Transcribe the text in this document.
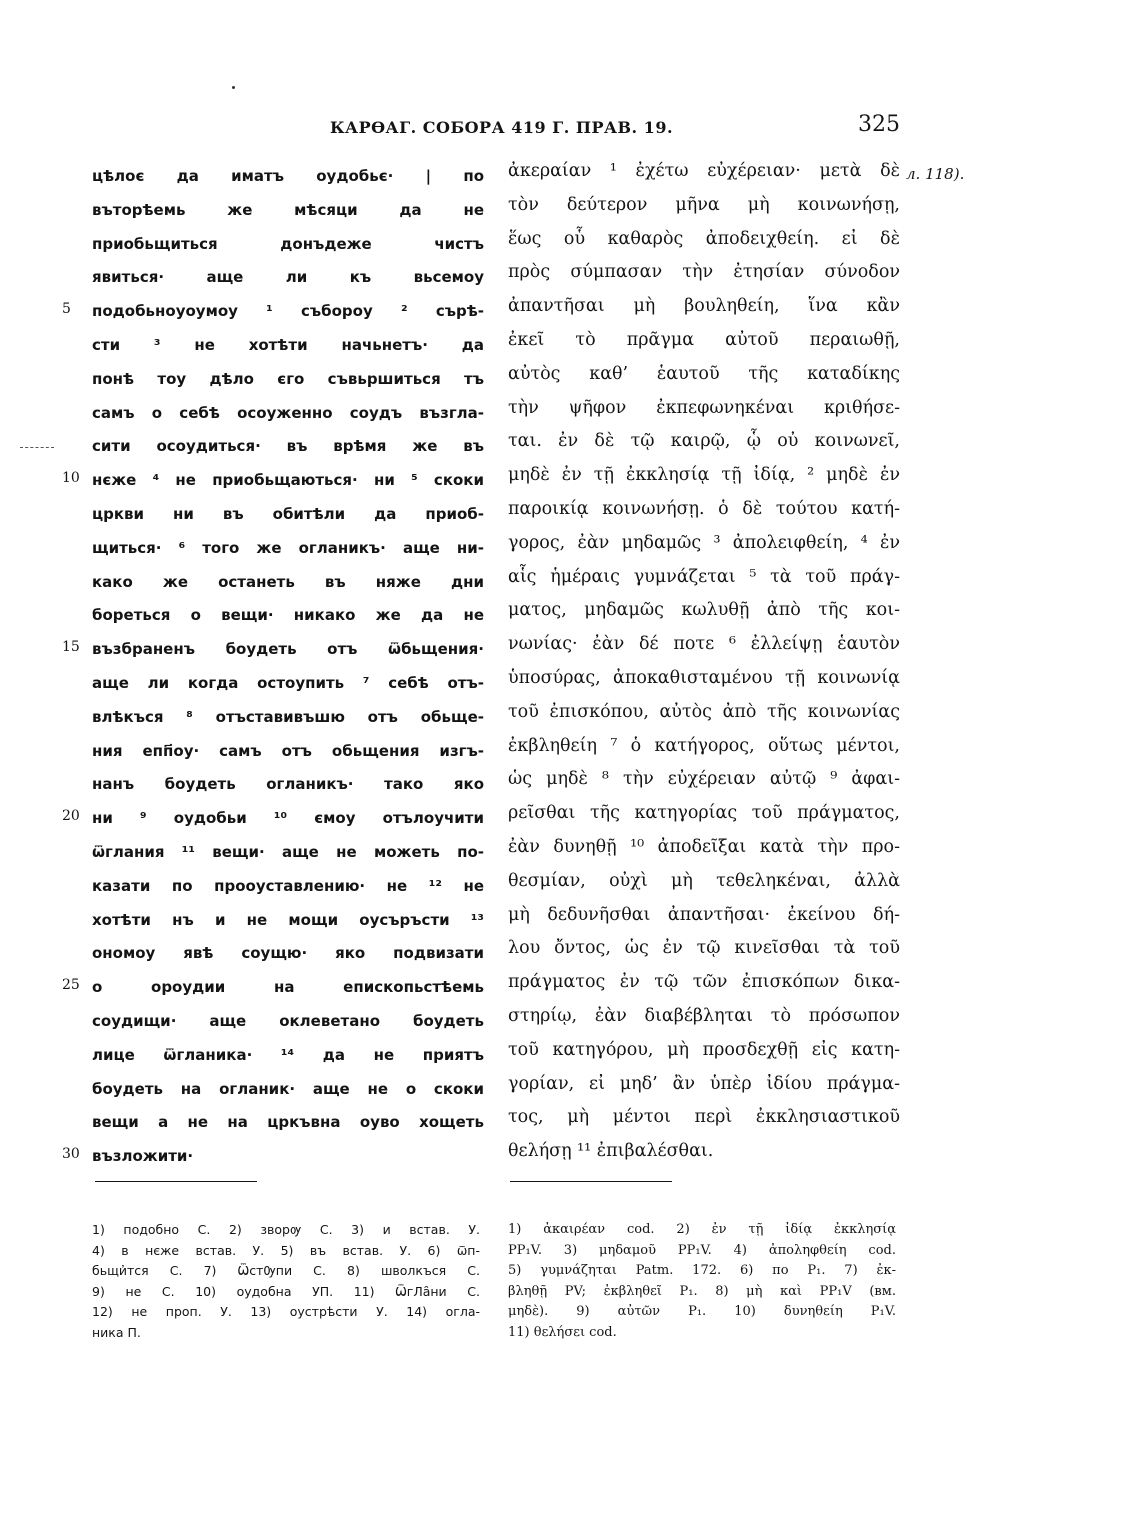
КАРѲАГ. СОБОРА 419 Г. ПРАВ. 19.	325
л. 118​).
цѣлоє да иматъ оудобьє· | по
въторѣемь же мѣсяци да не
приобьщиться донъдеже чистъ
явиться· аще ли къ вьсемоу
подобьноуоумоу ¹ съборoу ² сърѣ-
сти ³ не хотѣти начьнетъ· да
понѣ тоу дѣло єго съвьршиться тъ
самъ о себѣ осоуженно соудъ възгла-
сити осоудиться· въ врѣмя же въ
нєже ⁴ не приобьщаються· ни ⁵ скоки
цркви ни въ обитѣли да приоб-
щиться· ⁶ того же оглaникъ· аще ни-
како же останеть въ няже дни
бореться о вещи· никако же да не
възбраненъ боудеть отъ ѿбьщения·
аще ли когда остоупить ⁷ себѣ отъ-
влѣкъся ⁸ отъставивъшю отъ обьще-
ния епп҃оу· самъ отъ обьщения изгъ-
нанъ боудеть оглaникъ· тако яко
ни ⁹ оудобьи ¹⁰ ємоу отълоучити
ѿглания ¹¹ вещи· аще не можеть по-
казати по проoустaвлению· не ¹² не
хотѣти нъ и не мощи оусъръсти ¹³
ономоу явѣ соущю· яко подвизати
о орoудии на епископьстѣемь
соудищи· аще оклеветано боудеть
лице ѿглaника· ¹⁴ да не приятъ
боудеть на оглaник· аще не о скоки
вещи а не на цркъвна оуво хощеть
възложити·
5
10
15
20
25
30
ἀκεραίαν ¹ ἐχέτω εὐχέρειαν· μετὰ δὲ
τὸν δεύτερον μῆνα μὴ κοινωνήσῃ,
ἕως οὗ καθαρὸς ἀποδειχθείη. εἰ δὲ
πρὸς σύμπασαν τὴν ἐτησίαν σύνοδον
ἀπαντῆσαι μὴ βουληθείη, ἵνα κἂν
ἐκεῖ τὸ πρᾶγμα αὐτοῦ περαιωθῇ,
αὐτὸς καθ’ ἑαυτοῦ τῆς καταδίκης
τὴν ψῆφον ἐκπεφωνηκέναι κριθήσε-
ται. ἐν δὲ τῷ καιρῷ, ᾧ οὐ κοινωνεῖ,
μηδὲ ἐν τῇ ἐκκλησίᾳ τῇ ἰδίᾳ, ² μηδὲ ἐν
παροικίᾳ κοινωνήσῃ. ὁ δὲ τούτου κατή-
γορος, ἐὰν μηδαμῶς ³ ἀπολειφθείη, ⁴ ἐν
αἷς ἡμέραις γυμνάζεται ⁵ τὰ τοῦ πράγ-
ματος, μηδαμῶς κωλυθῇ ἀπὸ τῆς κοι-
νωνίας· ἐὰν δέ ποτε ⁶ ἐλλείψῃ ἑαυτὸν
ὑποσύρας, ἀποκαθισταμένου τῇ κοινωνίᾳ
τοῦ ἐπισκόπου, αὐτὸς ἀπὸ τῆς κοινωνίας
ἐκβληθείη ⁷ ὁ κατήγορος, οὕτως μέντοι,
ὡς μηδὲ ⁸ τὴν εὐχέρειαν αὐτῷ ⁹ ἀφαι-
ρεῖσθαι τῆς κατηγορίας τοῦ πράγματος,
ἐὰν δυνηθῇ ¹⁰ ἀποδεῖξαι κατὰ τὴν προ-
θεσμίαν, οὐχὶ μὴ τεθεληκέναι, ἀλλὰ
μὴ δεδυνῆσθαι ἀπαντῆσαι· ἐκείνου δή-
λου ὄντος, ὡς ἐν τῷ κινεῖσθαι τὰ τοῦ
πράγματος ἐν τῷ τῶν ἐπισκόπων δικα-
στηρίῳ, ἐὰν διαβέβληται τὸ πρόσωπον
τοῦ κατηγόρου, μὴ προσδεχθῇ εἰς κατη-
γορίαν, εἰ μηδ’ ἂν ὑπὲρ ἰδίου πράγμα-
τος, μὴ μέντοι περὶ ἐκκλησιαστικοῦ
θελήσῃ ¹¹ ἐπιβαλέσθαι.
1) подобно С. 2) зворѹ С. 3) и встав. У.
4) в нєже встав. У. 5) въ встав. У. 6) ѿп-
бьщи҆тся С. 7) ѾстѸпи С. 8) шволкъся С.
9) не С. 10) оудобна УП. 11) ѾгЛа̑ни С.
12) не проп. У. 13) оустрѣсти У. 14) огла-
ника П.
1) ἀκαιρέαν cod. 2) ἐν τῇ ἰδίᾳ ἐκκλησίᾳ
PP₁V. 3) μηδαμοῦ PP₁V. 4) ἀποληφθείη cod.
5) γυμνάζηται Patm. 172. 6) πο P₁. 7) ἐκ-
βληθῇ PV; ἐκβληθεῖ P₁. 8) μὴ καὶ PP₁V (вм.
μηδὲ). 9) αὐτῶν P₁. 10) δυνηθείη P₁V.
11) θελήσει cod.
